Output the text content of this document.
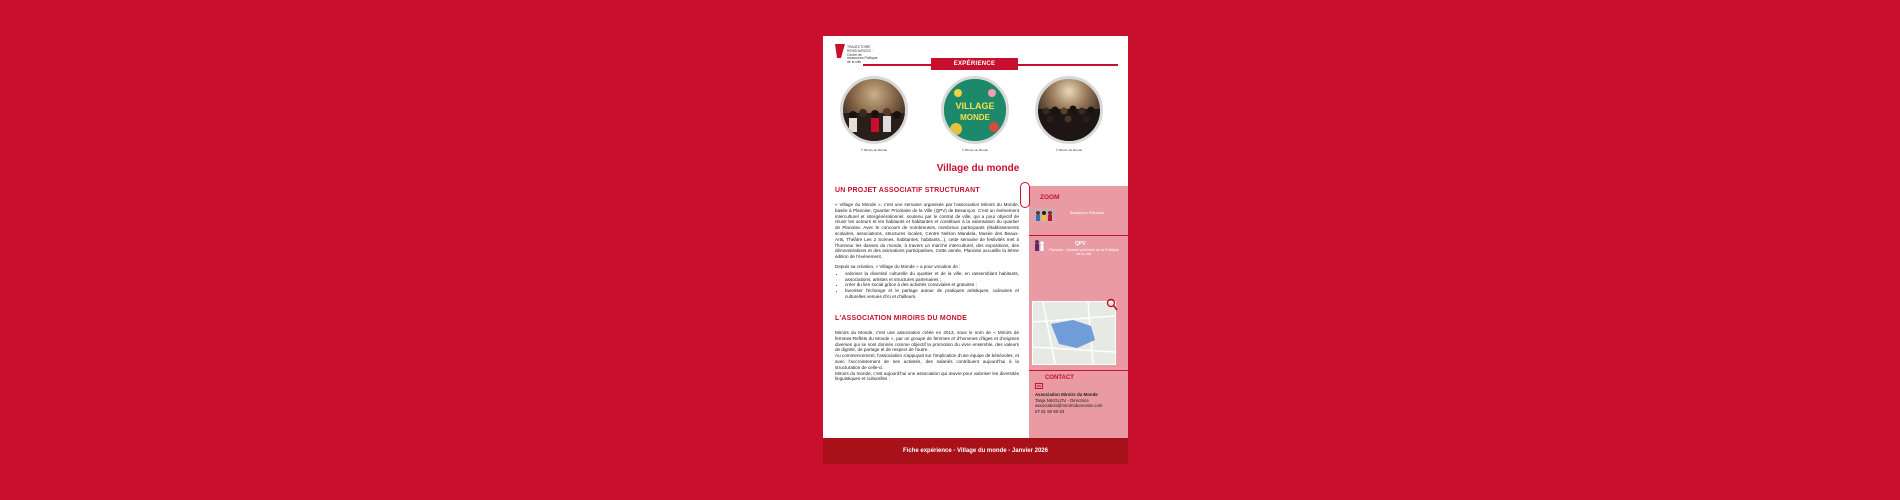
TRAJECTOIRE RESSOURCES · Centre de ressources Politique de la ville	EXPÉRIENCE
© Miroirs du Monde
VILLAGE
MONDE
© Miroirs du Monde	© Miroirs du Monde
Village du monde
UN PROJET ASSOCIATIF STRUCTURANT

« Village du Monde », c'est une semaine organisée par l'association Miroirs du Monde, basée à Planoise, Quartier Prioritaire de la Ville (QPV) de Besançon. C'est un événement interculturel et intergénérationnel, soutenu par le contrat de ville, qui a pour objectif de réunir les acteurs et les habitants et habitantes et contribuer à la valorisation du quartier de Planoise. Avec le concours de nombreuses, nombreux participants (établissements scolaires, associations, structures locales, Centre Nelson Mandela, Musée des Beaux-Arts, Théâtre Les 2 Scènes, habitantes, habitants...), cette semaine de festivités met à l'honneur les danses du monde, à travers un marché interculturel, des expositions, des démonstrations et des animations participatives. Cette année, Planoise accueille la 8ème édition de l'événement.

Depuis sa création, « Village du Monde » a pour vocation de :

• valoriser la diversité culturelle du quartier et de la ville, en rassemblant habitants, associations, artistes et structures partenaires ;
• créer du lien social grâce à des activités conviviales et gratuites ;
• favoriser l'échange et le partage autour de pratiques artistiques, culinaires et culturelles venues d'ici et d'ailleurs.
L'ASSOCIATION MIROIRS DU MONDE

Miroirs du Monde, c'est une association créée en 2013, sous le nom de « Miroirs de femmes-Reflets du Monde », par un groupe de femmes et d'hommes d'âges et d'origines diverses qui se sont donnés comme objectif la promotion du vivre ensemble, des valeurs de dignité, de partage et de respect de l'autre.

Au commencement, l'association s'appuyait sur l'implication d'une équipe de bénévoles, et avec l'accroissement de ses activités, des salariés contribuent aujourd'hui à la structuration de celle-ci.

Miroirs du monde, c'est aujourd'hui une association qui œuvre pour valoriser les diversités linguistiques et culturelles :

ZOOM
Besançon Planoise
QPV
Planoise · Quartier prioritaire de la Politique de la ville
CONTACT
Association Miroirs du Monde
Tanja NIKOLOV - Directrice
association@miroirsdumonde.com
07 81 90 80 83
Fiche expérience - Village du monde - Janvier 2026
